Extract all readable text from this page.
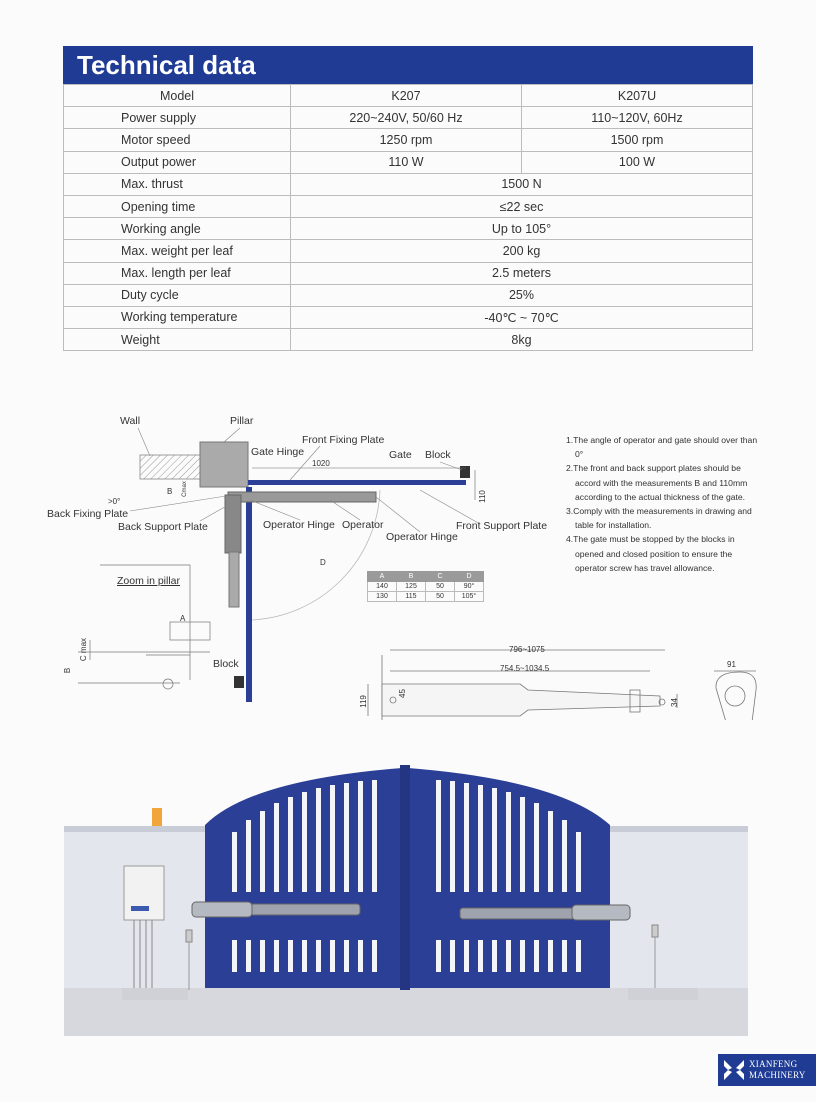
Technical data
Model	K207	K207U
Power supply	220~240V, 50/60 Hz	110~120V, 60Hz
Motor speed	1250 rpm	1500 rpm
Output power	110 W	100 W
Max. thrust	1500 N	
Opening time	≤22 sec	
Working angle	Up to 105°	
Max. weight per leaf	200 kg	
Max. length per leaf	2.5 meters	
Duty cycle	25%	
Working temperature	-40℃ ~ 70℃	
Weight	8kg	
Wall	Pillar
Front Fixing Plate
Gate Hinge	Gate Block
1020
110
B Cmax
>0°
Back Fixing Plate
Back Support Plate	Operator Hinge Operator
Operator Hinge
Front Support Plate
D
Zoom in pillar
A
C max
B
Block
A	B	C	D
140	125	50	90°
130	115	50	105°
796~1075
754.5~1034.5
119
45
34
91
1.The angle of operator and gate should over than 0°
2.The front and back support plates should be accord with the measurements B and 110mm according to the actual thickness of the gate.
3.Comply with the measurements in drawing and table for installation.
4.The gate must be stopped by the blocks in opened and closed position to ensure the operator screw has travel allowance.
XIANFENG
MACHINERY
